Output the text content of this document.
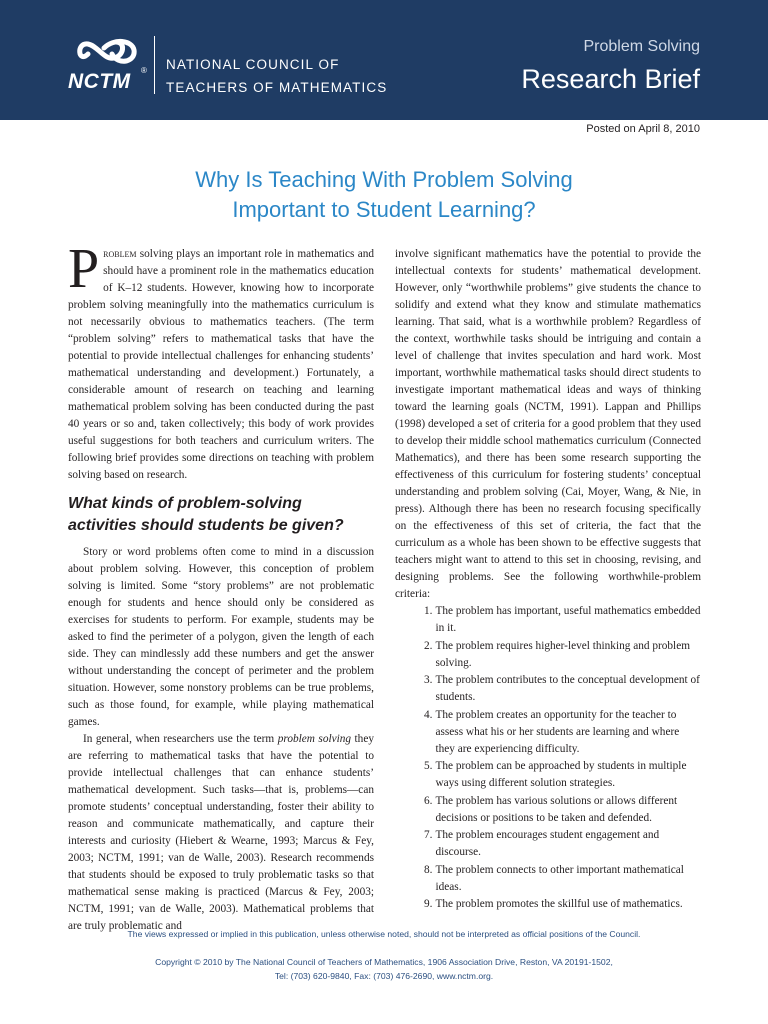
NCTM ® NATIONAL COUNCIL OF
TEACHERS OF MATHEMATICS
Problem Solving
Research Brief
Posted on April 8, 2010
Why Is Teaching With Problem Solving
Important to Student Learning?

Problem solving plays an important role in mathematics and should have a prominent role in the mathematics education of K–12 students. However, knowing how to incorporate problem solving meaningfully into the mathematics curriculum is not necessarily obvious to mathematics teachers. (The term “problem solving” refers to mathematical tasks that have the potential to provide intellectual challenges for enhancing students’ mathematical understanding and development.) Fortunately, a considerable amount of research on teaching and learning mathematical problem solving has been conducted during the past 40 years or so and, taken collectively; this body of work provides useful suggestions for both teachers and curriculum writers. The following brief provides some directions on teaching with problem solving based on research.

What kinds of problem-solving activities should students be given?

Story or word problems often come to mind in a discussion about problem solving. However, this conception of problem solving is limited. Some “story problems” are not problematic enough for students and hence should only be considered as exercises for students to perform. For example, students may be asked to find the perimeter of a polygon, given the length of each side. They can mindlessly add these numbers and get the answer without understanding the concept of perimeter and the problem situation. However, some nonstory problems can be true problems, such as those found, for example, while playing mathematical games.

In general, when researchers use the term problem solving they are referring to mathematical tasks that have the potential to provide intellectual challenges that can enhance students’ mathematical development. Such tasks—that is, problems—can promote students’ conceptual understanding, foster their ability to reason and communicate mathematically, and capture their interests and curiosity (Hiebert & Wearne, 1993; Marcus & Fey, 2003; NCTM, 1991; van de Walle, 2003). Research recommends that students should be exposed to truly problematic tasks so that mathematical sense making is practiced (Marcus & Fey, 2003; NCTM, 1991; van de Walle, 2003). Mathematical problems that are truly problematic and

involve significant mathematics have the potential to provide the intellectual contexts for students’ mathematical development. However, only “worthwhile problems” give students the chance to solidify and extend what they know and stimulate mathematics learning. That said, what is a worthwhile problem? Regardless of the context, worthwhile tasks should be intriguing and contain a level of challenge that invites speculation and hard work. Most important, worthwhile mathematical tasks should direct students to investigate important mathematical ideas and ways of thinking toward the learning goals (NCTM, 1991). Lappan and Phillips (1998) developed a set of criteria for a good problem that they used to develop their middle school mathematics curriculum (Connected Mathematics), and there has been some research supporting the effectiveness of this curriculum for fostering students’ conceptual understanding and problem solving (Cai, Moyer, Wang, & Nie, in press). Although there has been no research focusing specifically on the effectiveness of this set of criteria, the fact that the curriculum as a whole has been shown to be effective suggests that teachers might want to attend to this set in choosing, revising, and designing problems. See the following worthwhile-problem criteria:

1. The problem has important, useful mathematics embedded in it.
2. The problem requires higher-level thinking and problem solving.
3. The problem contributes to the conceptual development of students.
4. The problem creates an opportunity for the teacher to assess what his or her students are learning and where they are experiencing difficulty.
5. The problem can be approached by students in multiple ways using different solution strategies.
6. The problem has various solutions or allows different decisions or positions to be taken and defended.
7. The problem encourages student engagement and discourse.
8. The problem connects to other important mathematical ideas.
9. The problem promotes the skillful use of mathematics.
The views expressed or implied in this publication, unless otherwise noted, should not be interpreted as official positions of the Council.
Copyright © 2010 by The National Council of Teachers of Mathematics, 1906 Association Drive, Reston, VA 20191-1502,
Tel: (703) 620-9840, Fax: (703) 476-2690, www.nctm.org.
